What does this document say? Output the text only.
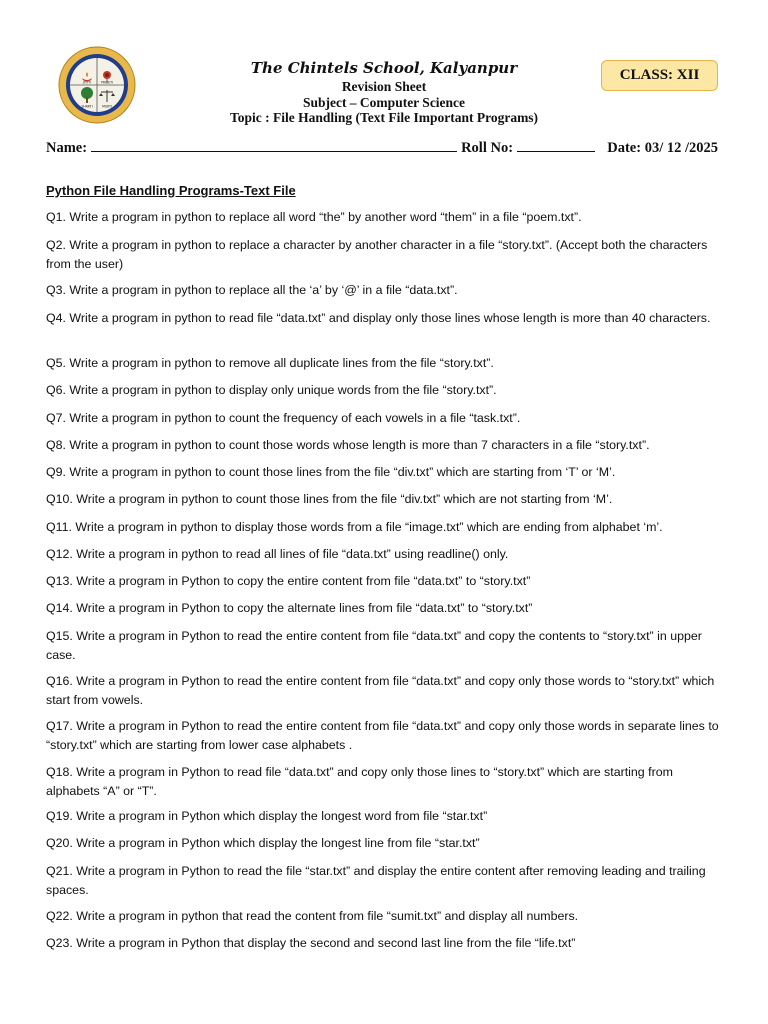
JYOTI	PRIEETI
SHAKTI	MUKTI
The Chintels School, Kalyanpur
Revision Sheet
Subject – Computer Science
Topic : File Handling (Text File Important Programs)
CLASS: XII
Name:	Roll No:	Date: 03/ 12 /2025
Python File Handling Programs-Text File
Q1. Write a program in python to replace all word “the” by another word “them” in a file “poem.txt”.
Q2. Write a program in python to replace a character by another character in a file “story.txt”. (Accept both the characters from the user)
Q3. Write a program in python to replace all the ‘a’ by ‘@’ in a file “data.txt”.
Q4. Write a program in python to read file “data.txt” and display only those lines whose length is more than 40 characters.
Q5. Write a program in python to remove all duplicate lines from the file “story.txt”.
Q6. Write a program in python to display only unique words from the file “story.txt”.
Q7. Write a program in python to count the frequency of each vowels in a file “task.txt”.
Q8. Write a program in python to count those words whose length is more than 7 characters in a file “story.txt”.
Q9. Write a program in python to count those lines from the file “div.txt” which are starting from ‘T’ or ‘M’.
Q10. Write a program in python to count those lines from the file “div.txt” which are not starting from ‘M’.
Q11. Write a program in python to display those words from a file “image.txt” which are ending from alphabet ‘m’.
Q12. Write a program in python to read all lines of file “data.txt” using readline() only.
Q13. Write a program in Python to copy the entire content from file “data.txt” to “story.txt”
Q14. Write a program in Python to copy the alternate lines from file “data.txt” to “story.txt”
Q15. Write a program in Python to read the entire content from file “data.txt” and copy the contents to “story.txt” in upper case.
Q16. Write a program in Python to read the entire content from file “data.txt” and copy only those words to “story.txt” which start from vowels.
Q17. Write a program in Python to read the entire content from file “data.txt” and copy only those words in separate lines to “story.txt” which are starting from lower case alphabets .
Q18. Write a program in Python to read file “data.txt” and copy only those lines to “story.txt” which are starting from alphabets “A” or “T”.
Q19. Write a program in Python which display the longest word from file “star.txt”
Q20. Write a program in Python which display the longest line from file “star.txt”
Q21. Write a program in Python to read the file “star.txt” and display the entire content after removing leading and trailing spaces.
Q22. Write a program in python that read the content from file “sumit.txt” and display all numbers.
Q23. Write a program in Python that display the second and second last line from the file “life.txt”
